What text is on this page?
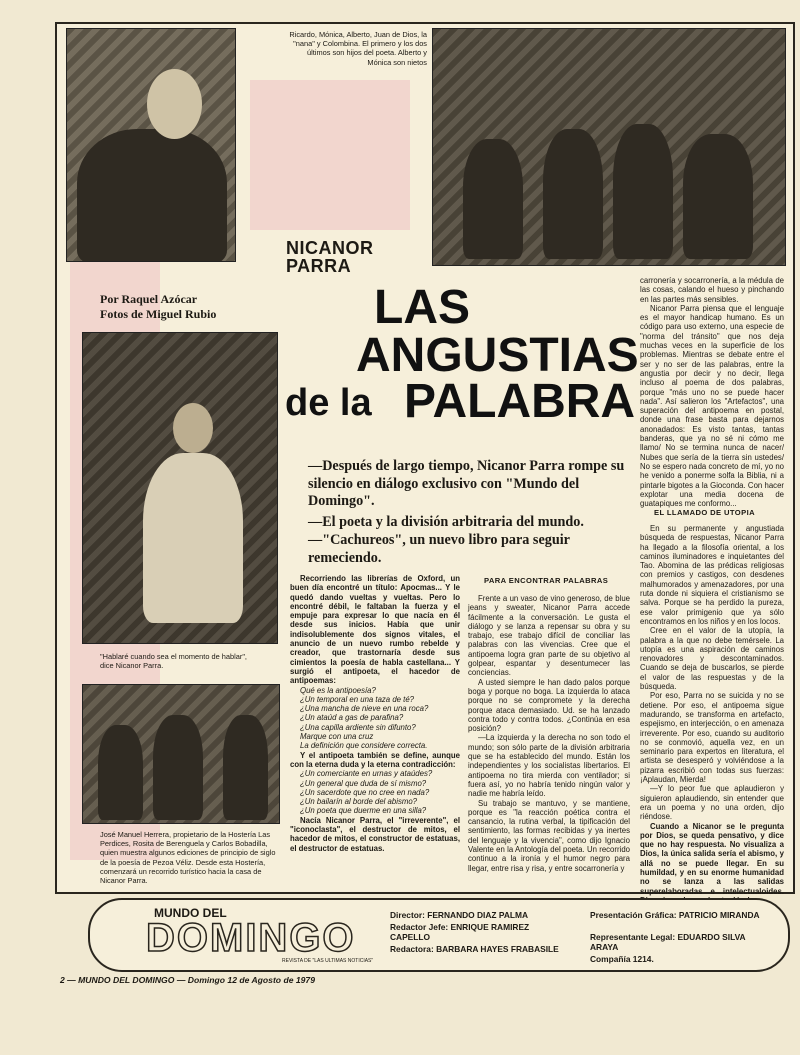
Ricardo, Mónica, Alberto, Juan de Dios, la "nana" y Colombina. El primero y los dos últimos son hijos del poeta. Alberto y Mónica son nietos
NICANOR
PARRA
Por Raquel Azócar
Fotos de Miguel Rubio	LAS
ANGUSTIAS
de la PALABRA
"Hablaré cuando sea el momento de hablar", dice Nicanor Parra.
—Después de largo tiempo, Nicanor Parra rompe su silencio en diálogo exclusivo con "Mundo del Domingo".
—El poeta y la división arbitraria del mundo.
—"Cachureos", un nuevo libro para seguir remeciendo.
José Manuel Herrera, propietario de la Hostería Las Perdices, Rosita de Berenguela y Carlos Bobadilla, quien muestra algunos ediciones de principio de siglo de la poesía de Pezoa Véliz. Desde esta Hostería, comenzará un recorrido turístico hacia la casa de Nicanor Parra.

Recorriendo las librerías de Oxford, un buen día encontré un título: Apocmas... Y le quedó dando vueltas y vueltas. Pero lo encontré débil, le faltaban la fuerza y el empuje para expresar lo que nacía en él desde sus inicios. Había que unir indisolublemente dos signos vitales, el anuncio de un nuevo rumbo rebelde y creador, que trastornaría desde sus cimientos la poesía de habla castellana... Y surgió el antipoeta, el hacedor de antipoemas:

Qué es la antipoesía?

¿Un temporal en una taza de té?

¿Una mancha de nieve en una roca?

¿Un ataúd a gas de parafina?

¿Una capilla ardiente sin difunto?

Marque con una cruz

La definición que considere correcta.

Y el antipoeta también se define, aunque con la eterna duda y la eterna contradicción:

¿Un comerciante en urnas y ataúdes?

¿Un general que duda de sí mismo?

¿Un sacerdote que no cree en nada?

¿Un bailarín al borde del abismo?

¿Un poeta que duerme en una silla?

Nacía Nicanor Parra, el "irreverente", el "iconoclasta", el destructor de mitos, el hacedor de mitos, el constructor de estatuas, el destructor de estatuas.

PARA ENCONTRAR PALABRAS

Frente a un vaso de vino generoso, de blue jeans y sweater, Nicanor Parra accede fácilmente a la conversación. Le gusta el diálogo y se lanza a repensar su obra y su trabajo, ese trabajo difícil de conciliar las palabras con las vivencias. Cree que el antipoema logra gran parte de su objetivo al golpear, espantar y desentumecer las conciencias.

A usted siempre le han dado palos porque boga y porque no boga. La izquierda lo ataca porque no se compromete y la derecha porque ataca demasiado. Ud. se ha lanzado contra todo y contra todos. ¿Continúa en esa posición?

—La izquierda y la derecha no son todo el mundo; son sólo parte de la división arbitraria que se ha establecido del mundo. Están los independientes y los socialistas libertarios. El antipoema no tira mierda con ventilador; si fuera así, yo no habría tenido ningún valor y nadie me habría leído.

Su trabajo se mantuvo, y se mantiene, porque es "la reacción poética contra el cansancio, la rutina verbal, la tipificación del sentimiento, las formas recibidas y ya inertes del lenguaje y la vivencia", como dijo Ignacio Valente en la Antología del poeta. Un recorrido continuo a la ironía y el humor negro para llegar, entre risa y risa, y entre socarronería y

carronería y socarronería, a la médula de las cosas, calando el hueso y pinchando en las partes más sensibles.

Nicanor Parra piensa que el lenguaje es el mayor handicap humano. Es un código para uso externo, una especie de "norma del tránsito" que nos deja muchas veces en la superficie de los problemas. Mientras se debate entre el ser y no ser de las palabras, entre la angustia por decir y no decir, llega incluso al poema de dos palabras, porque "más uno no se puede hacer nada". Así salieron los "Artefactos", una superación del antipoema en postal, donde una frase basta para dejarnos anonadados: Es visto tantas, tantas banderas, que ya no sé ni cómo me llamo/ No se termina nunca de nacer/ Nubes que sería de la tierra sin ustedes/ No se espero nada concreto de mí, yo no he venido a ponerme solfa la Biblia, ni a pintarle bigotes a la Gioconda. Con hacer explotar una media docena de guatapiques me conformo...

EL LLAMADO DE UTOPIA

En su permanente y angustiada búsqueda de respuestas, Nicanor Parra ha llegado a la filosofía oriental, a los caminos iluminadores e inquietantes del Tao. Abomina de las prédicas religiosas con premios y castigos, con desdenes malhumorados y amenazadores, por una ruta donde ni siquiera el cristianismo se salva. Porque se ha perdido la pureza, ese valor primigenio que ya sólo encontramos en los niños y en los locos.

Cree en el valor de la utopía, la palabra a la que no debe temérsele. La utopía es una aspiración de caminos renovadores y descontaminados. Cuando se deja de buscarlos, se pierde el valor de las respuestas y de la búsqueda.

Por eso, Parra no se suicida y no se detiene. Por eso, el antipoema sigue madurando, se transforma en artefacto, espejismo, en interjección, o en amenaza irreverente. Por eso, cuando su auditorio no se conmovió, aquella vez, en un seminario para expertos en literatura, el artista se desesperó y volviéndose a la pizarra escribió con todas sus fuerzas: ¡Aplaudan, Mierda!

—Y lo peor fue que aplaudieron y siguieron aplaudiendo, sin entender que era un poema y no una orden, dijo riéndose.

Cuando a Nicanor se le pregunta por Dios, se queda pensativo, y dice que no hay respuesta. No visualiza a Dios, la única salida sería el abismo, y allá no se puede llegar. En su humildad, y en su enorme humanidad no se lanza a las salidas superelaboradas e intelectualoides.

MUNDO DEL
DOMINGO
REVISTA DE "LAS ULTIMAS NOTICIAS"
Director: FERNANDO DIAZ PALMA
Redactor Jefe: ENRIQUE RAMIREZ CAPELLO
Redactora: BARBARA HAYES FRABASILE
Presentación Gráfica: PATRICIO MIRANDA
Representante Legal: EDUARDO SILVA ARAYA
Compañía 1214.
2 — MUNDO DEL DOMINGO — Domingo 12 de Agosto de 1979
